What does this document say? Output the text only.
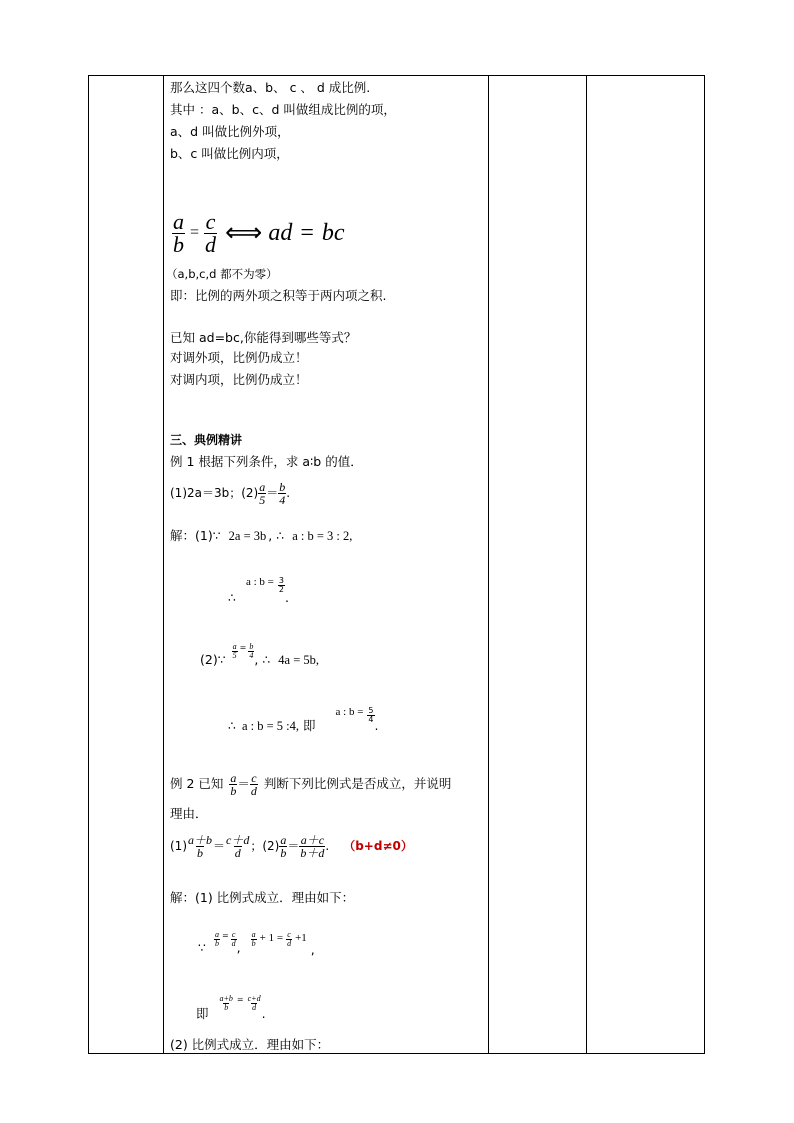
那么这四个数a、b、 c 、 d 成比例.
其中 ：a、b、c、d 叫做组成比例的项，
a、d 叫做比例外项，
b、c 叫做比例内项，
$\frac{a}{b} = \frac{c}{d}$ ⟺ ad = bc
（a,b,c,d 都不为零）
即：比例的两外项之积等于两内项之积.
已知 ad=bc,你能得到哪些等式？
对调外项，比例仍成立！
对调内项，比例仍成立！
三、典例精讲
例 1 根据下列条件，求 a∶b 的值．
(1)2a＝3b；$(2) \frac{a}{5} = \frac{b}{4}$ .
解：(1)∵ 2a = 3b , ∴ a : b = 3 : 2,
∴
a : $b = \frac{3}{2}$
.
(2)∵ $\frac{a}{5} = \frac{b}{4}$ , ∴ 4a = 5b,
∴ a : b = 5 :4, 即
a : $b = \frac{5}{4}$
.
例 2 已知 $\frac{a}{b} = \frac{c}{d}$ 判断下列比例式是否成立，并说明
理由．
$(1) \frac{a+b}{b} = \frac{c+d}{d}$ ；$(2) \frac{a}{b} = \frac{a+c}{b+d}$ . （b+d≠0）
解：(1) 比例式成立．理由如下：
∵ $\frac{a}{b} = \frac{c}{d}$ , $\frac{a}{b} + 1 = \frac{c}{d} +1$
,
即
$\frac{a+b}{b} = \frac{c+d}{d}$
.
(2) 比例式成立．理由如下：
